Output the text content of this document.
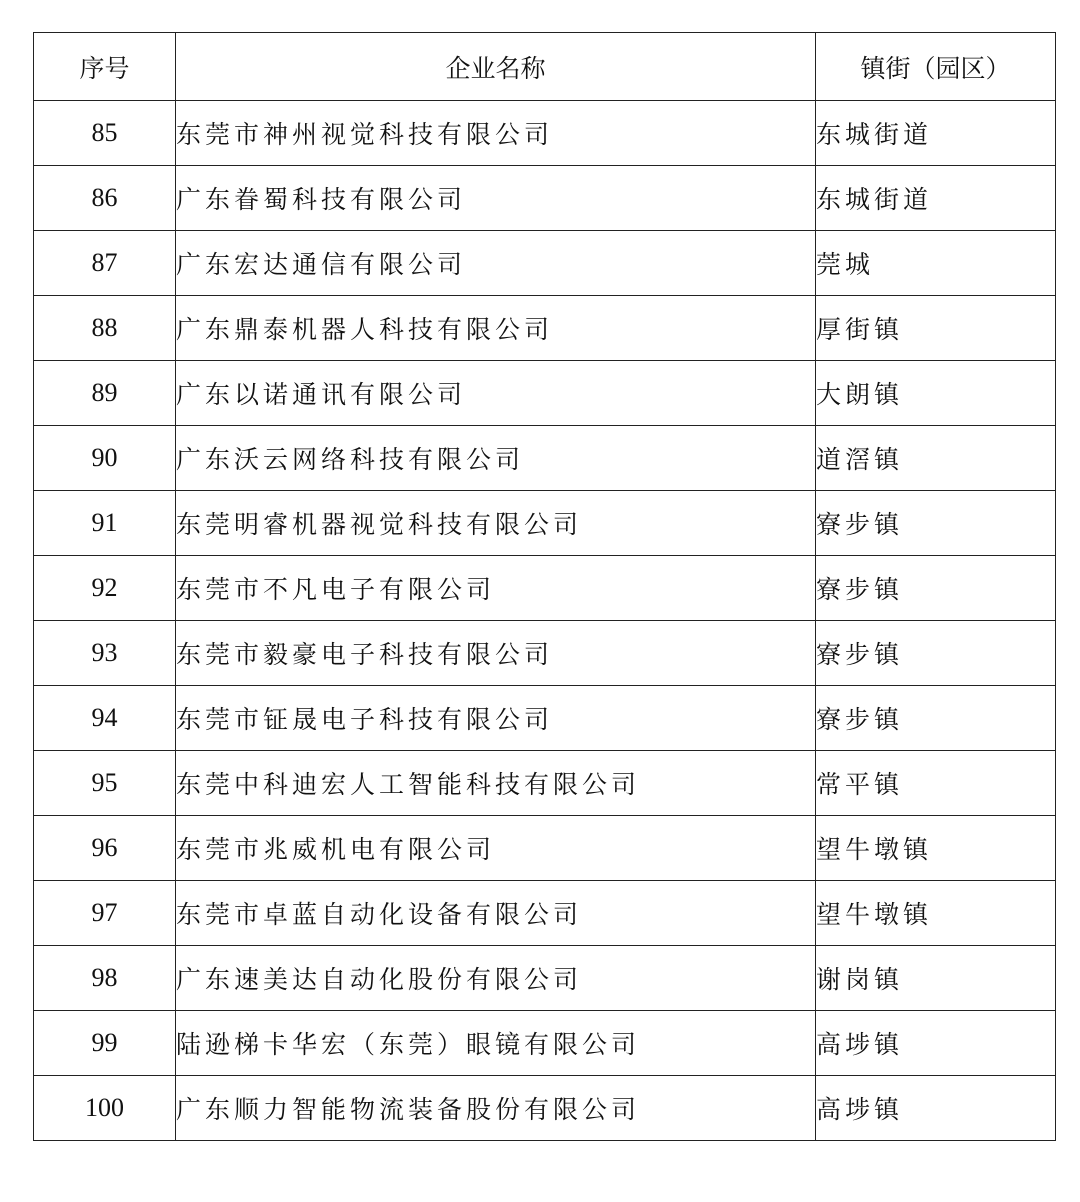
序号	企业名称	镇街（园区）
85	东莞市神州视觉科技有限公司	东城街道
86	广东眷蜀科技有限公司	东城街道
87	广东宏达通信有限公司	莞城
88	广东鼎泰机器人科技有限公司	厚街镇
89	广东以诺通讯有限公司	大朗镇
90	广东沃云网络科技有限公司	道滘镇
91	东莞明睿机器视觉科技有限公司	寮步镇
92	东莞市不凡电子有限公司	寮步镇
93	东莞市毅豪电子科技有限公司	寮步镇
94	东莞市钲晟电子科技有限公司	寮步镇
95	东莞中科迪宏人工智能科技有限公司	常平镇
96	东莞市兆威机电有限公司	望牛墩镇
97	东莞市卓蓝自动化设备有限公司	望牛墩镇
98	广东速美达自动化股份有限公司	谢岗镇
99	陆逊梯卡华宏（东莞）眼镜有限公司	高埗镇
100	广东顺力智能物流装备股份有限公司	高埗镇
